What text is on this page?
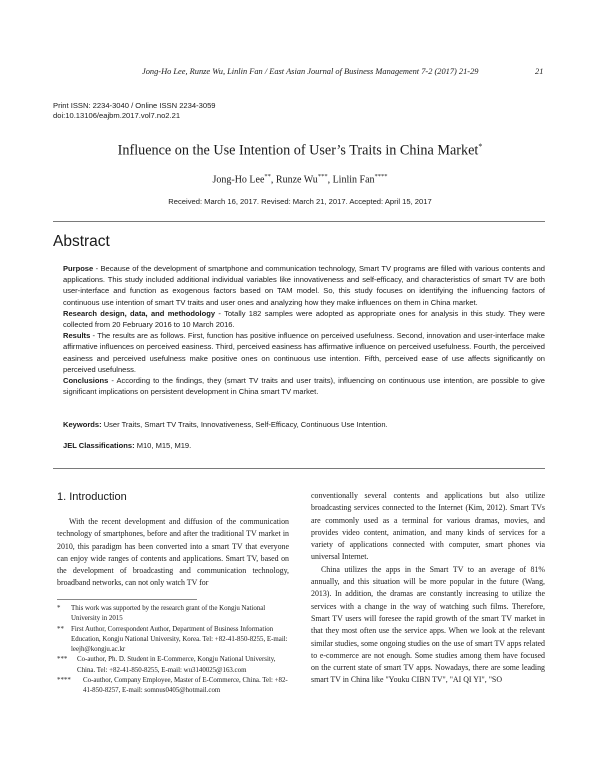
Jong-Ho Lee, Runze Wu, Linlin Fan / East Asian Journal of Business Management 7-2 (2017) 21-29	21
Print ISSN: 2234-3040 / Online ISSN 2234-3059
doi:10.13106/eajbm.2017.vol7.no2.21
Influence on the Use Intention of User’s Traits in China Market*
Jong-Ho Lee**, Runze Wu***, Linlin Fan****
Received: March 16, 2017. Revised: March 21, 2017. Accepted: April 15, 2017
Abstract

Purpose - Because of the development of smartphone and communication technology, Smart TV programs are filled with various contents and applications. This study included additional individual variables like innovativeness and self-efficacy, and characteristics of smart TV are both user-interface and function as exogenous factors based on TAM model. So, this study focuses on identifying the influencing factors of continuous use intention of smart TV traits and user ones and analyzing how they make influences on them in China market.

Research design, data, and methodology - Totally 182 samples were adopted as appropriate ones for analysis in this study. They were collected from 20 February 2016 to 10 March 2016.

Results - The results are as follows. First, function has positive influence on perceived usefulness. Second, innovation and user-interface make affirmative influences on perceived easiness. Third, perceived easiness has affirmative influence on perceived usefulness. Fourth, the perceived easiness and perceived usefulness make positive ones on continuous use intention. Fifth, perceived ease of use affects significantly on perceived usefulness.

Conclusions - According to the findings, they (smart TV traits and user traits), influencing on continuous use intention, are possible to give significant implications on persistent development in China smart TV market.

Keywords: User Traits, Smart TV Traits, Innovativeness, Self-Efficacy, Continuous Use Intention.
JEL Classifications: M10, M15, M19.
1. Introduction

With the recent development and diffusion of the communication technology of smartphones, before and after the traditional TV market in 2010, this paradigm has been converted into a smart TV that everyone can enjoy wide ranges of contents and applications. Smart TV, based on the development of broadcasting and communication technology, broadband networks, can not only watch TV for

* This work was supported by the research grant of the Kongju National University in 2015
** First Author, Correspondent Author, Department of Business Information Education, Kongju National University, Korea. Tel: +82-41-850-8255, E-mail: leejh@kongju.ac.kr
*** Co-author, Ph. D. Student in E-Commerce, Kongju National University, China. Tel: +82-41-850-8255, E-mail: wu3140025@163.com
**** Co-author, Company Employee, Master of E-Commerce, China. Tel: +82-41-850-8257, E-mail: somnus0405@hotmail.com

conventionally several contents and applications but also utilize broadcasting services connected to the Internet (Kim, 2012). Smart TVs are commonly used as a terminal for various dramas, movies, and provides video content, animation, and many kinds of services for a variety of applications connected with computer, smart phones via universal Internet.

China utilizes the apps in the Smart TV to an average of 81% annually, and this situation will be more popular in the future (Wang, 2013). In addition, the dramas are constantly increasing to utilize the services with a change in the way of watching such films. Therefore, Smart TV users will foresee the rapid growth of the smart TV market in that they most often use the service apps. When we look at the relevant similar studies, some ongoing studies on the use of smart TV apps related to e-commerce are not enough. Some studies among them have focused on the current state of smart TV apps. Nowadays, there are some leading smart TV in China like "Youku CIBN TV", "AI QI YI", "SO
